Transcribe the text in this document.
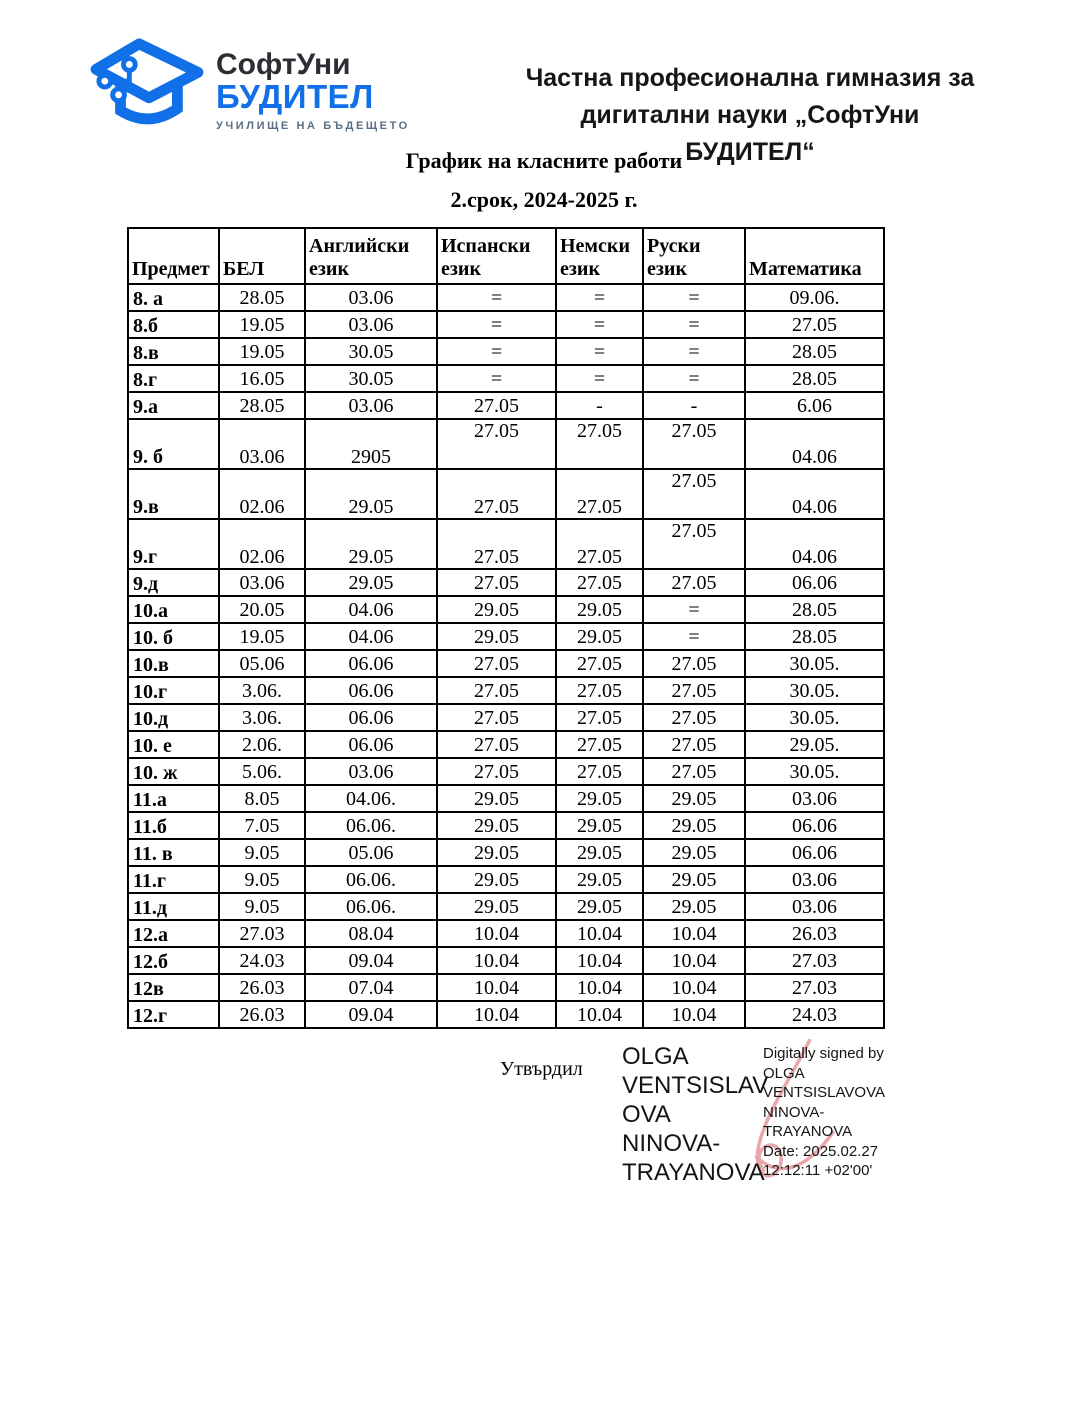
СофтУни
БУДИТЕЛ
УЧИЛИЩЕ НА БЪДЕЩЕТО
Частна професионална гимназия за
дигитални науки „СофтУни БУДИТЕЛ“
График на класните работи
2.срок, 2024-2025 г.
Предмет	БЕЛ	Английски език	Испански език	Немски език	Руски език	Математика
8. а	28.05	03.06	=	=	=	09.06.
8.б	19.05	03.06	=	=	=	27.05
8.в	19.05	30.05	=	=	=	28.05
8.г	16.05	30.05	=	=	=	28.05
9.а	28.05	03.06	27.05	-	-	6.06
9. б	03.06	2905	27.05	27.05	27.05	04.06
9.в	02.06	29.05	27.05	27.05	27.05	04.06
9.г	02.06	29.05	27.05	27.05	27.05	04.06
9.д	03.06	29.05	27.05	27.05	27.05	06.06
10.а	20.05	04.06	29.05	29.05	=	28.05
10. б	19.05	04.06	29.05	29.05	=	28.05
10.в	05.06	06.06	27.05	27.05	27.05	30.05.
10.г	3.06.	06.06	27.05	27.05	27.05	30.05.
10.д	3.06.	06.06	27.05	27.05	27.05	30.05.
10. е	2.06.	06.06	27.05	27.05	27.05	29.05.
10. ж	5.06.	03.06	27.05	27.05	27.05	30.05.
11.а	8.05	04.06.	29.05	29.05	29.05	03.06
11.б	7.05	06.06.	29.05	29.05	29.05	06.06
11. в	9.05	05.06	29.05	29.05	29.05	06.06
11.г	9.05	06.06.	29.05	29.05	29.05	03.06
11.д	9.05	06.06.	29.05	29.05	29.05	03.06
12.а	27.03	08.04	10.04	10.04	10.04	26.03
12.б	24.03	09.04	10.04	10.04	10.04	27.03
12в	26.03	07.04	10.04	10.04	10.04	27.03
12.г	26.03	09.04	10.04	10.04	10.04	24.03
Утвърдил OLGA
VENTSISLAV
OVA
NINOVA-
TRAYANOVA
Digitally signed by
OLGA
VENTSISLAVOVA
NINOVA-
TRAYANOVA
Date: 2025.02.27
12:12:11 +02'00'
